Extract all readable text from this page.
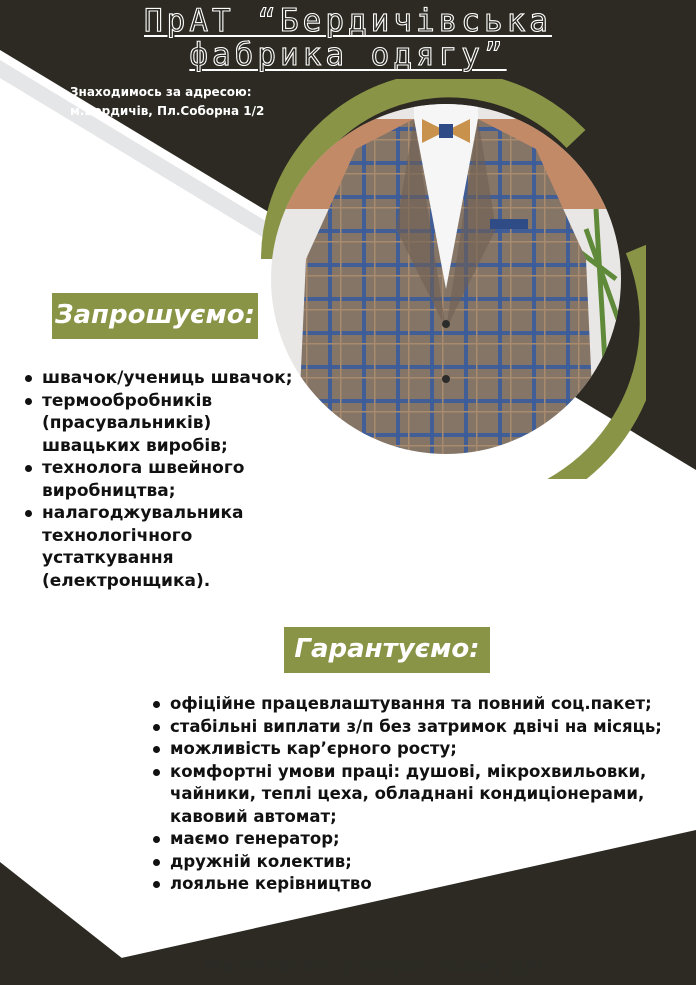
ПрАТ “Бердичівська
фабрика одягу”
Знаходимось за адресою:
м.Бердичів, Пл.Соборна 1/2
Запрошуємо:
швачок/учениць швачок;
термообробників (прасувальників) швацьких виробів;
технолога швейного виробництва;
налагоджувальника технологічного устаткування (електронщика).	Телефонуйте за номером:
+38 067 366 93 52
Гарантуємо:
офіційне працевлаштування та повний соц.пакет;
стабільні виплати з/п без затримок двічі на місяць;
можливість кар’єрного росту;
комфортні умови праці: душові, мікрохвильовки, чайники, теплі цеха, обладнані кондиціонерами, кавовий автомат;
маємо генератор;
дружній колектив;
лояльне керівництво
Ми впевнені у затрашньому дні!
